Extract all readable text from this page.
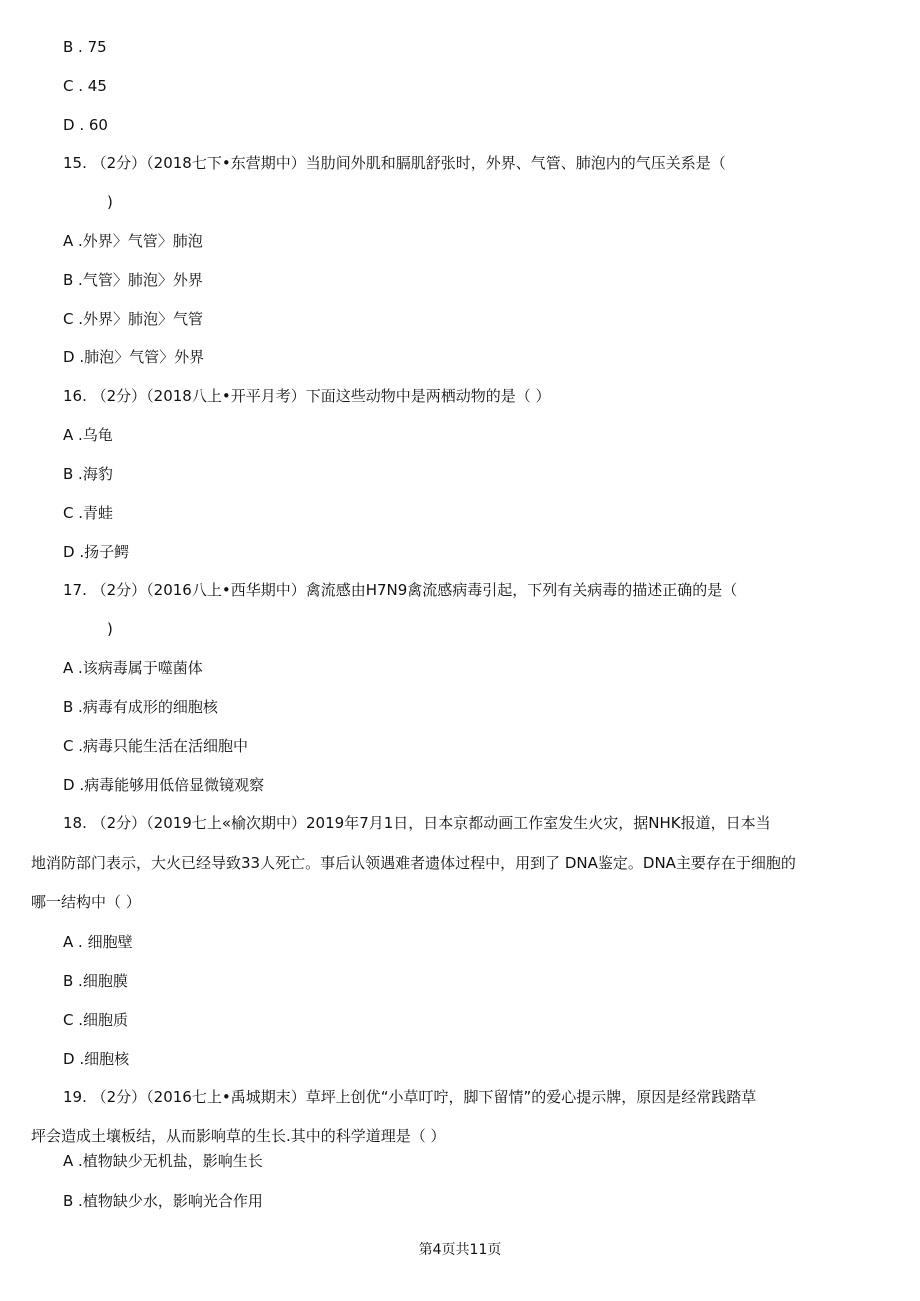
B . 75
C . 45
D . 60
15. （2分）（2018七下•东营期中）当肋间外肌和膈肌舒张时，外界、气管、肺泡内的气压关系是（
)
A .外界〉气管〉肺泡
B .气管〉肺泡〉外界
C .外界〉肺泡〉气管
D .肺泡〉气管〉外界
16. （2分）（2018八上•开平月考）下面这些动物中是两栖动物的是（ ）
A .乌龟
B .海豹
C .青蛙
D .扬子鳄
17. （2分）（2016八上•西华期中）禽流感由H7N9禽流感病毒引起，下列有关病毒的描述正确的是（
)
A .该病毒属于噬菌体
B .病毒有成形的细胞核
C .病毒只能生活在活细胞中
D .病毒能够用低倍显微镜观察
18. （2分）（2019七上«榆次期中）2019年7月1日，日本京都动画工作室发生火灾，据NHK报道，日本当
地消防部门表示，大火已经导致33人死亡。事后认领遇难者遗体过程中，用到了 DNA鉴定。DNA主要存在于细胞的
哪一结构中（ ）
A . 细胞壁
B .细胞膜
C .细胞质
D .细胞核
19. （2分）（2016七上•禹城期末）草坪上创优“小草叮咛，脚下留情”的爱心提示牌，原因是经常践踏草
坪会造成土壤板结，从而影响草的生长.其中的科学道理是（ ）
A .植物缺少无机盐，影响生长
B .植物缺少水，影响光合作用
第4页共11页
